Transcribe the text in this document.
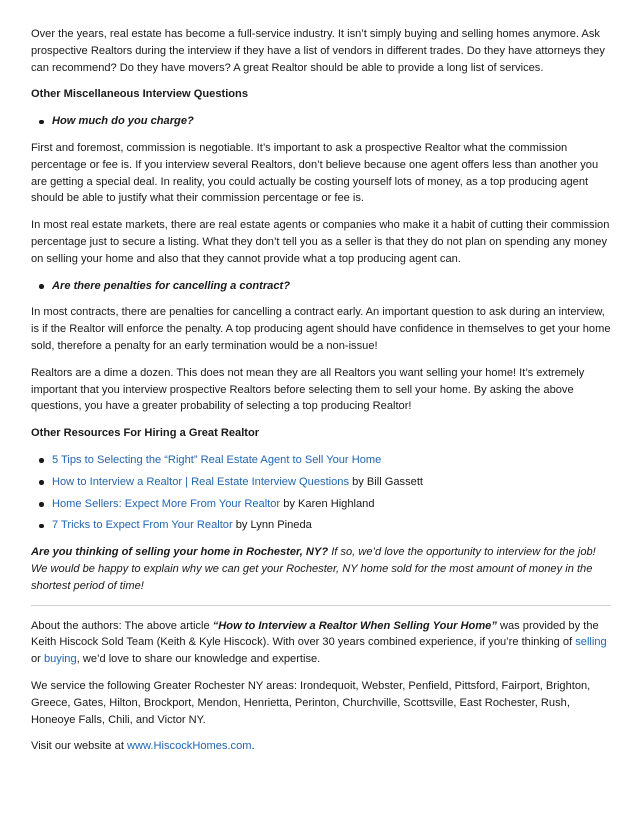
Over the years, real estate has become a full-service industry. It isn’t simply buying and selling homes anymore. Ask prospective Realtors during the interview if they have a list of vendors in different trades. Do they have attorneys they can recommend? Do they have movers? A great Realtor should be able to provide a long list of services.

Other Miscellaneous Interview Questions
How much do you charge?

First and foremost, commission is negotiable. It’s important to ask a prospective Realtor what the commission percentage or fee is. If you interview several Realtors, don’t believe because one agent offers less than another you are getting a special deal. In reality, you could actually be costing yourself lots of money, as a top producing agent should be able to justify what their commission percentage or fee is.

In most real estate markets, there are real estate agents or companies who make it a habit of cutting their commission percentage just to secure a listing. What they don’t tell you as a seller is that they do not plan on spending any money on selling your home and also that they cannot provide what a top producing agent can.

Are there penalties for cancelling a contract?

In most contracts, there are penalties for cancelling a contract early. An important question to ask during an interview, is if the Realtor will enforce the penalty. A top producing agent should have confidence in themselves to get your home sold, therefore a penalty for an early termination would be a non-issue!

Realtors are a dime a dozen. This does not mean they are all Realtors you want selling your home! It’s extremely important that you interview prospective Realtors before selecting them to sell your home. By asking the above questions, you have a greater probability of selecting a top producing Realtor!

Other Resources For Hiring a Great Realtor
5 Tips to Selecting the “Right” Real Estate Agent to Sell Your Home
How to Interview a Realtor | Real Estate Interview Questions by Bill Gassett
Home Sellers: Expect More From Your Realtor by Karen Highland
7 Tricks to Expect From Your Realtor by Lynn Pineda

Are you thinking of selling your home in Rochester, NY? If so, we’d love the opportunity to interview for the job! We would be happy to explain why we can get your Rochester, NY home sold for the most amount of money in the shortest period of time!

About the authors: The above article “How to Interview a Realtor When Selling Your Home” was provided by the Keith Hiscock Sold Team (Keith & Kyle Hiscock). With over 30 years combined experience, if you’re thinking of selling or buying, we’d love to share our knowledge and expertise.

We service the following Greater Rochester NY areas: Irondequoit, Webster, Penfield, Pittsford, Fairport, Brighton, Greece, Gates, Hilton, Brockport, Mendon, Henrietta, Perinton, Churchville, Scottsville, East Rochester, Rush, Honeoye Falls, Chili, and Victor NY.

Visit our website at www.HiscockHomes.com.
